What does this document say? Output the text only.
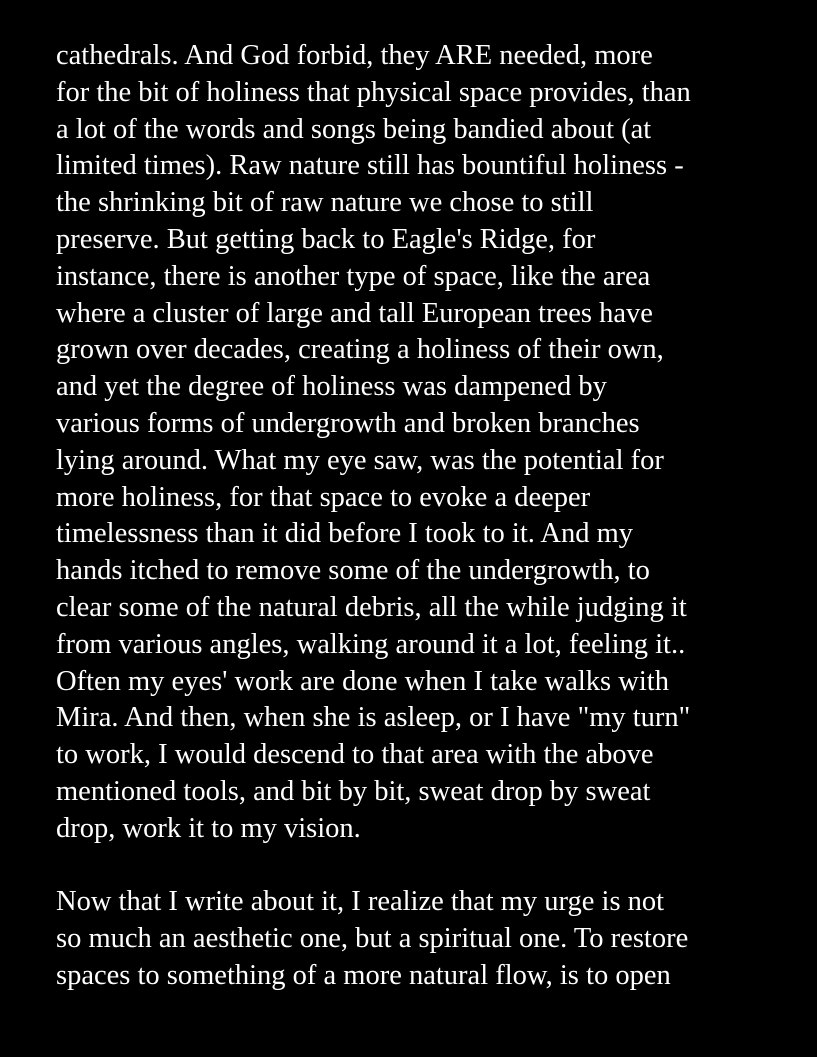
cathedrals. And God forbid, they ARE needed, more
for the bit of holiness that physical space provides, than
a lot of the words and songs being bandied about (at
limited times). Raw nature still has bountiful holiness -
the shrinking bit of raw nature we chose to still
preserve. But getting back to Eagle's Ridge, for
instance, there is another type of space, like the area
where a cluster of large and tall European trees have
grown over decades, creating a holiness of their own,
and yet the degree of holiness was dampened by
various forms of undergrowth and broken branches
lying around. What my eye saw, was the potential for
more holiness, for that space to evoke a deeper
timelessness than it did before I took to it. And my
hands itched to remove some of the undergrowth, to
clear some of the natural debris, all the while judging it
from various angles, walking around it a lot, feeling it..
Often my eyes' work are done when I take walks with
Mira. And then, when she is asleep, or I have "my turn"
to work, I would descend to that area with the above
mentioned tools, and bit by bit, sweat drop by sweat
drop, work it to my vision.
Now that I write about it, I realize that my urge is not
so much an aesthetic one, but a spiritual one. To restore
spaces to something of a more natural flow, is to open
